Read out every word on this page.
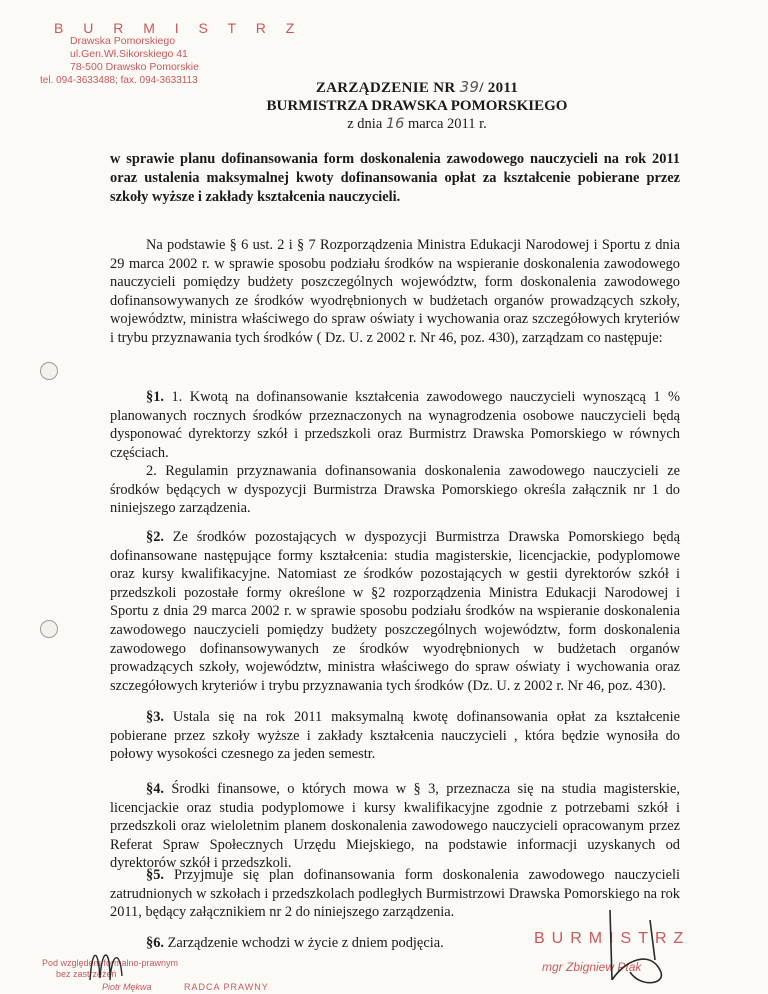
B U R M I S T R Z
Drawska Pomorskiego
ul.Gen.Wł.Sikorskiego 41
78-500 Drawsko Pomorskie
tel. 094-3633488; fax. 094-3633113	ZARZĄDZENIE NR 39/ 2011
BURMISTRZA DRAWSKA POMORSKIEGO
z dnia 16 marca 2011 r.
w sprawie planu dofinansowania form doskonalenia zawodowego nauczycieli na rok 2011 oraz ustalenia maksymalnej kwoty dofinansowania opłat za kształcenie pobierane przez szkoły wyższe i zakłady kształcenia nauczycieli.
Na podstawie § 6 ust. 2 i § 7 Rozporządzenia Ministra Edukacji Narodowej i Sportu z dnia 29 marca 2002 r. w sprawie sposobu podziału środków na wspieranie doskonalenia zawodowego nauczycieli pomiędzy budżety poszczególnych województw, form doskonalenia zawodowego dofinansowywanych ze środków wyodrębnionych w budżetach organów prowadzących szkoły, województw, ministra właściwego do spraw oświaty i wychowania oraz szczegółowych kryteriów i trybu przyznawania tych środków ( Dz. U. z 2002 r. Nr 46, poz. 430), zarządzam co następuje:
§1. 1. Kwotą na dofinansowanie kształcenia zawodowego nauczycieli wynoszącą 1 % planowanych rocznych środków przeznaczonych na wynagrodzenia osobowe nauczycieli będą dysponować dyrektorzy szkół i przedszkoli oraz Burmistrz Drawska Pomorskiego w równych częściach.
2. Regulamin przyznawania dofinansowania doskonalenia zawodowego nauczycieli ze środków będących w dyspozycji Burmistrza Drawska Pomorskiego określa załącznik nr 1 do niniejszego zarządzenia.
§2. Ze środków pozostających w dyspozycji Burmistrza Drawska Pomorskiego będą dofinansowane następujące formy kształcenia: studia magisterskie, licencjackie, podyplomowe oraz kursy kwalifikacyjne. Natomiast ze środków pozostających w gestii dyrektorów szkół i przedszkoli pozostałe formy określone w §2 rozporządzenia Ministra Edukacji Narodowej i Sportu z dnia 29 marca 2002 r. w sprawie sposobu podziału środków na wspieranie doskonalenia zawodowego nauczycieli pomiędzy budżety poszczególnych województw, form doskonalenia zawodowego dofinansowywanych ze środków wyodrębnionych w budżetach organów prowadzących szkoły, województw, ministra właściwego do spraw oświaty i wychowania oraz szczegółowych kryteriów i trybu przyznawania tych środków (Dz. U. z 2002 r. Nr 46, poz. 430).
§3. Ustala się na rok 2011 maksymalną kwotę dofinansowania opłat za kształcenie pobierane przez szkoły wyższe i zakłady kształcenia nauczycieli , która będzie wynosiła do połowy wysokości czesnego za jeden semestr.
§4. Środki finansowe, o których mowa w § 3, przeznacza się na studia magisterskie, licencjackie oraz studia podyplomowe i kursy kwalifikacyjne zgodnie z potrzebami szkół i przedszkoli oraz wieloletnim planem doskonalenia zawodowego nauczycieli opracowanym przez Referat Spraw Społecznych Urzędu Miejskiego, na podstawie informacji uzyskanych od dyrektorów szkół i przedszkoli.
§5. Przyjmuje się plan dofinansowania form doskonalenia zawodowego nauczycieli zatrudnionych w szkołach i przedszkolach podległych Burmistrzowi Drawska Pomorskiego na rok 2011, będący załącznikiem nr 2 do niniejszego zarządzenia.
§6. Zarządzenie wchodzi w życie z dniem podjęcia.	BURMISTRZ
mgr Zbigniew Ptak
Pod względem formalno-prawnym
bez zastrzeżeń
Piotr Mękwa	RADCA PRAWNY
